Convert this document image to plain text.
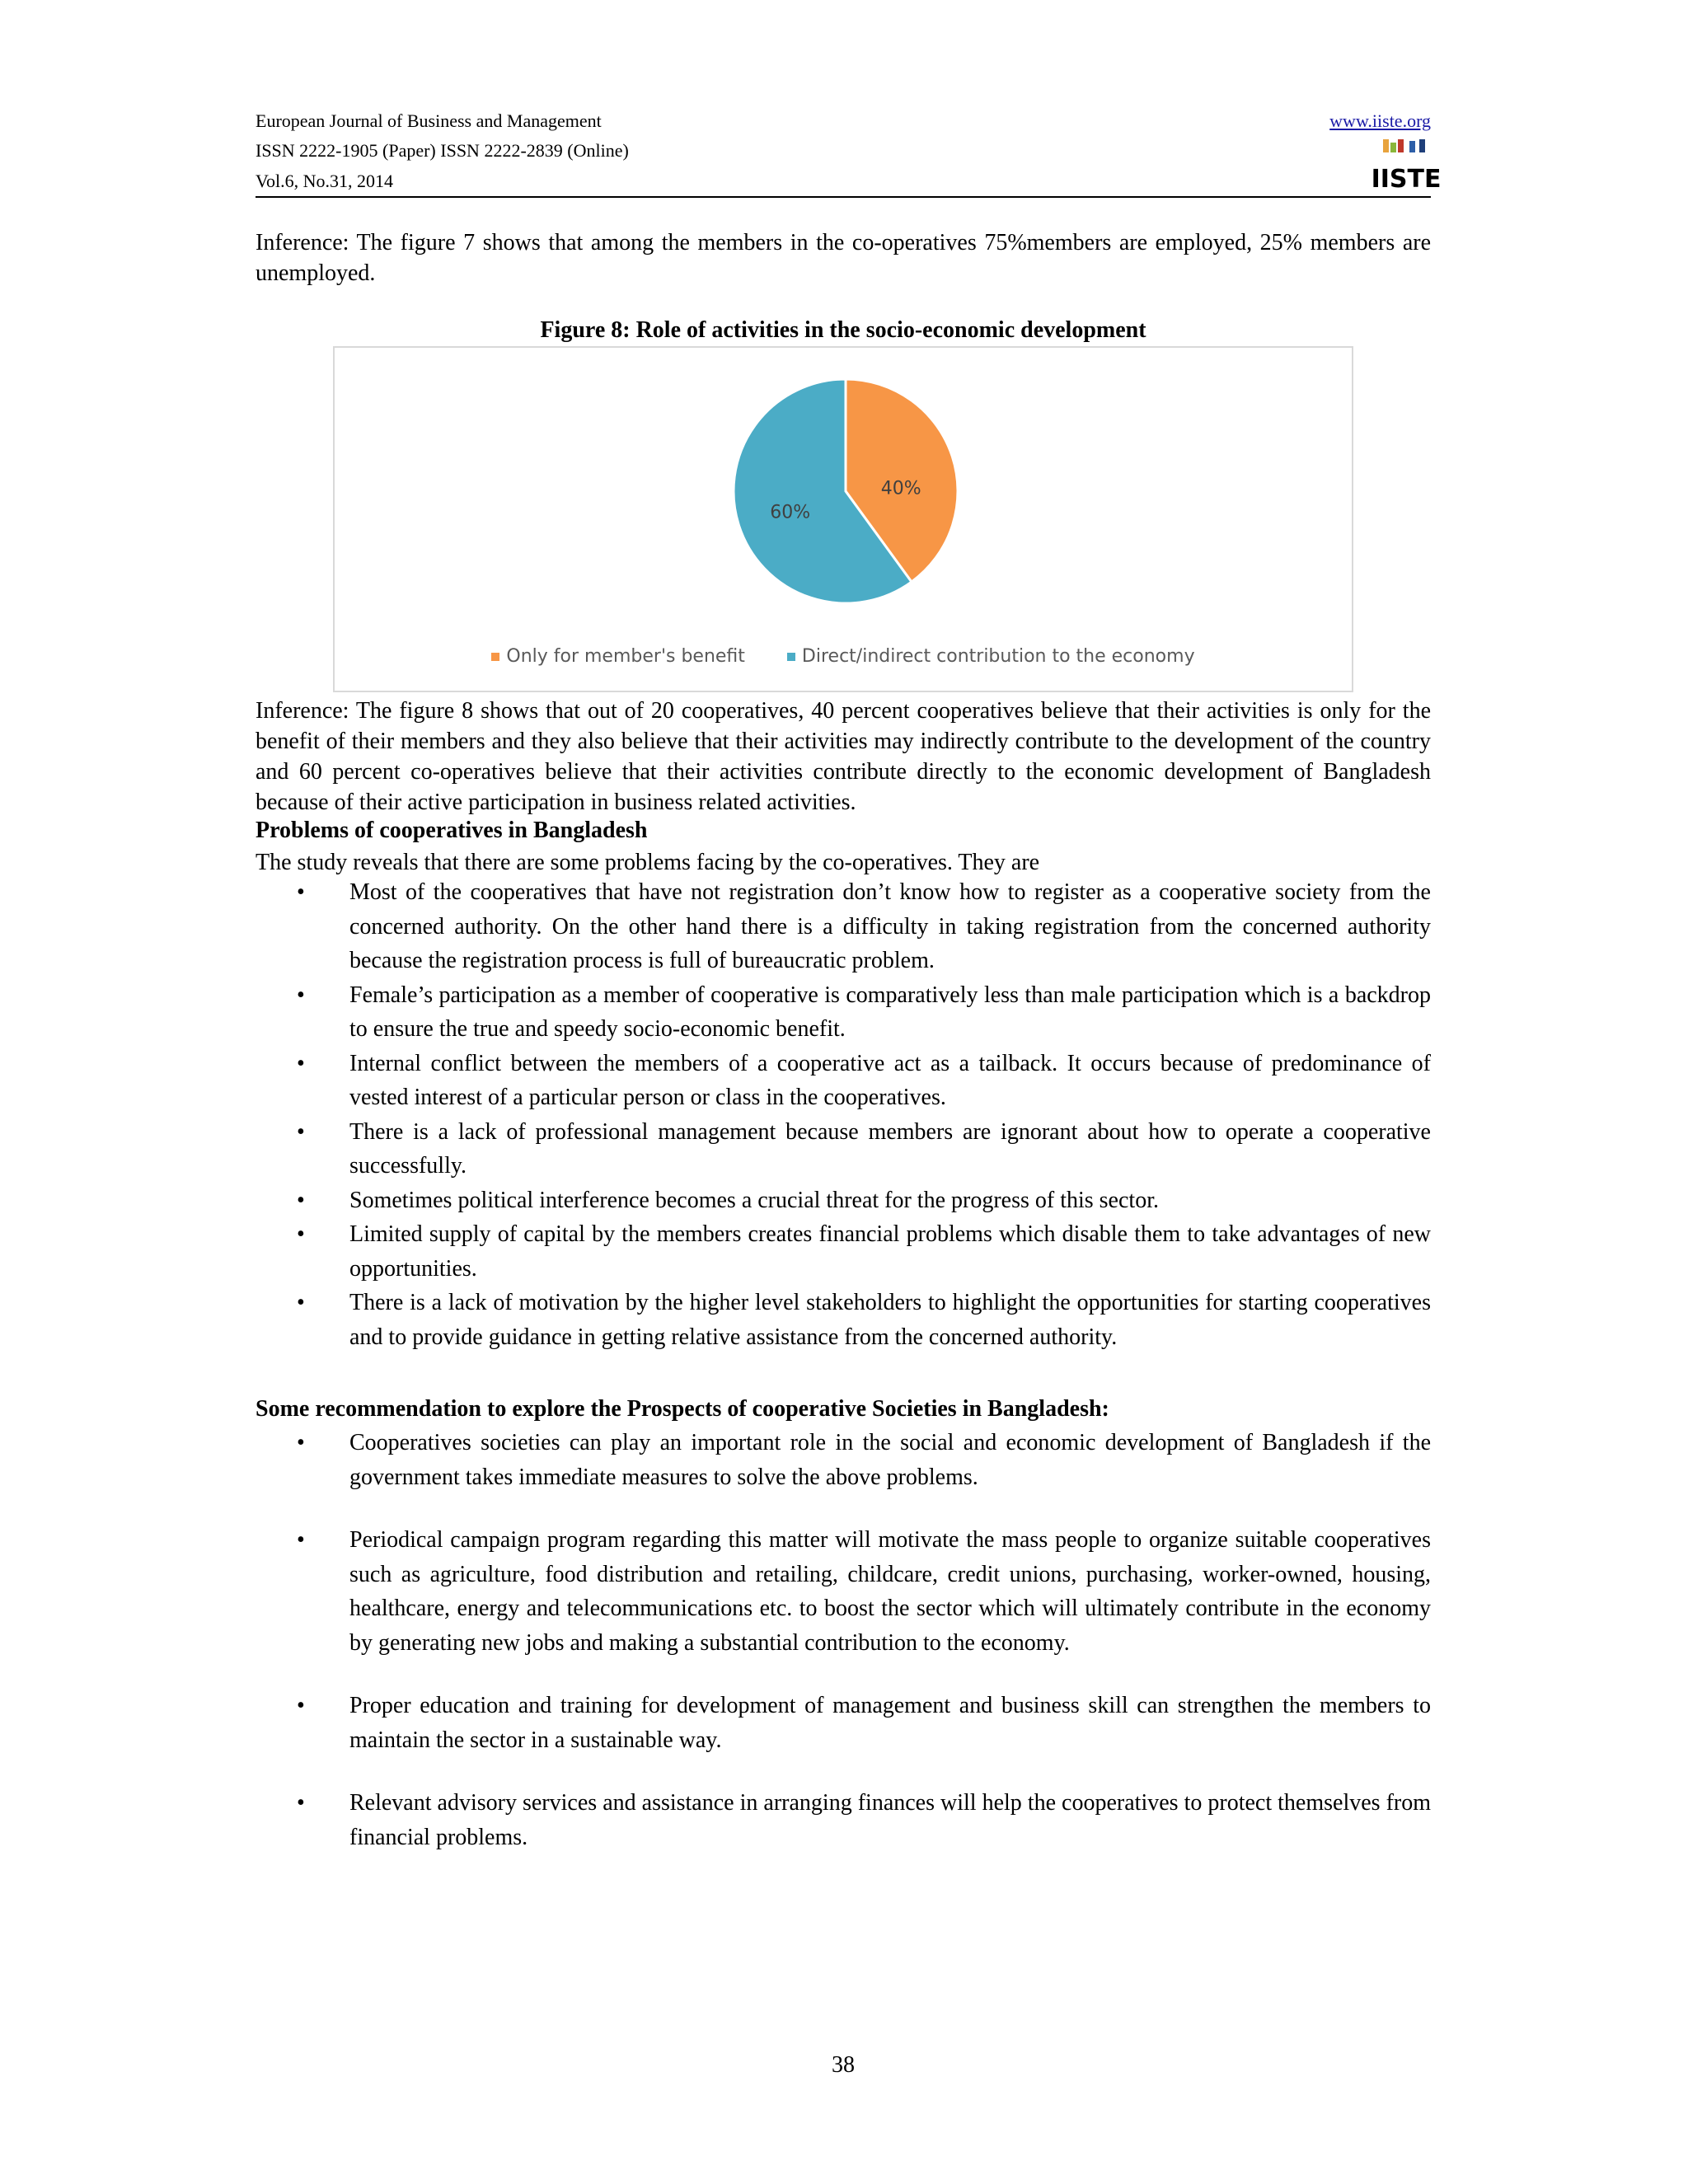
European Journal of Business and Management	www.iiste.org
ISSN 2222-1905 (Paper) ISSN 2222-2839 (Online)
Vol.6, No.31, 2014	IISTE
Inference: The figure 7 shows that among the members in the co-operatives 75%members are employed, 25% members are unemployed.
Figure 8: Role of activities in the socio-economic development
40%
60%
Only for member's benefit	Direct/indirect contribution to the economy
Inference: The figure 8 shows that out of 20 cooperatives, 40 percent cooperatives believe that their activities is only for the benefit of their members and they also believe that their activities may indirectly contribute to the development of the country and 60 percent co-operatives believe that their activities contribute directly to the economic development of Bangladesh because of their active participation in business related activities.
Problems of cooperatives in Bangladesh
The study reveals that there are some problems facing by the co-operatives. They are
• Most of the cooperatives that have not registration don’t know how to register as a cooperative society from the concerned authority. On the other hand there is a difficulty in taking registration from the concerned authority because the registration process is full of bureaucratic problem.
• Female’s participation as a member of cooperative is comparatively less than male participation which is a backdrop to ensure the true and speedy socio-economic benefit.
• Internal conflict between the members of a cooperative act as a tailback. It occurs because of predominance of vested interest of a particular person or class in the cooperatives.
• There is a lack of professional management because members are ignorant about how to operate a cooperative successfully.
• Sometimes political interference becomes a crucial threat for the progress of this sector.
• Limited supply of capital by the members creates financial problems which disable them to take advantages of new opportunities.
• There is a lack of motivation by the higher level stakeholders to highlight the opportunities for starting cooperatives and to provide guidance in getting relative assistance from the concerned authority.
Some recommendation to explore the Prospects of cooperative Societies in Bangladesh:
• Cooperatives societies can play an important role in the social and economic development of Bangladesh if the government takes immediate measures to solve the above problems.
• Periodical campaign program regarding this matter will motivate the mass people to organize suitable cooperatives such as agriculture, food distribution and retailing, childcare, credit unions, purchasing, worker-owned, housing, healthcare, energy and telecommunications etc. to boost the sector which will ultimately contribute in the economy by generating new jobs and making a substantial contribution to the economy.
• Proper education and training for development of management and business skill can strengthen the members to maintain the sector in a sustainable way.
• Relevant advisory services and assistance in arranging finances will help the cooperatives to protect themselves from financial problems.
38
